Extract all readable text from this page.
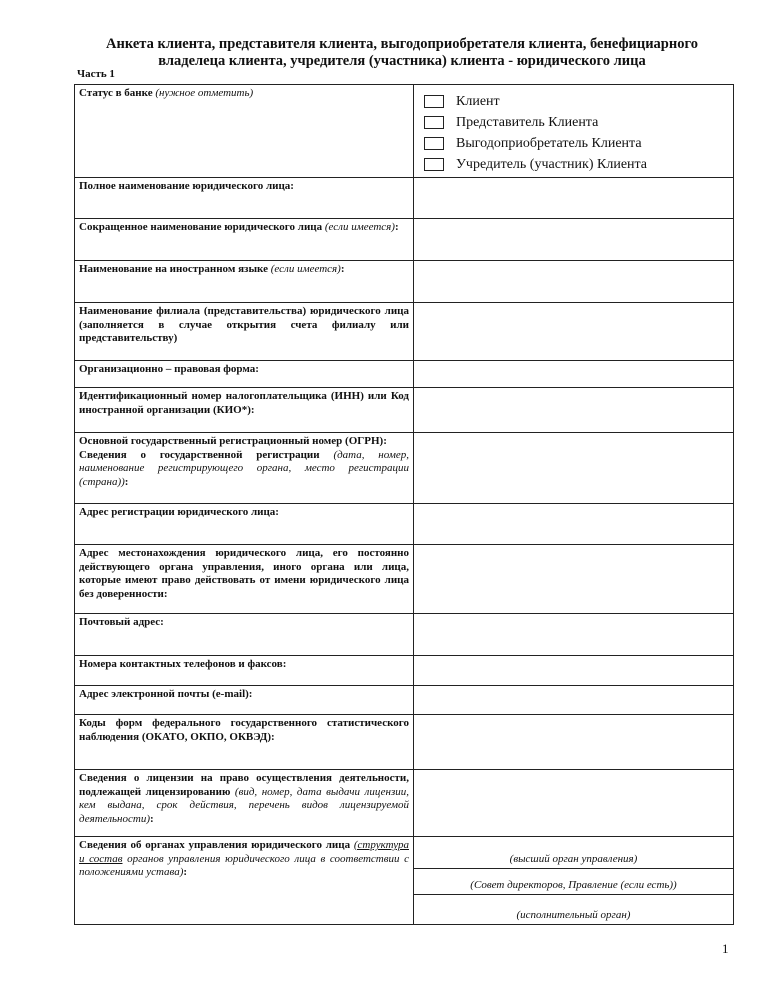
Анкета клиента, представителя клиента, выгодоприобретателя клиента, бенефициарного
владелеца клиента, учредителя (участника) клиента - юридического лица
Часть 1
Статус в банке (нужное отметить)	Клиент
Представитель Клиента
Выгодоприобретатель Клиента
Учредитель (участник) Клиента

Полное наименование юридического лица:	
Сокращенное наименование юридического лица (если имеется):	
Наименование на иностранном языке (если имеется):	
Наименование филиала (представительства) юридического лица (заполняется в случае открытия счета филиалу или представительству)	
Организационно – правовая форма:	
Идентификационный номер налогоплательщика (ИНН) или Код иностранной организации (КИО*):	

Основной государственный регистрационный номер (ОГРН):
Сведения о государственной регистрации (дата, номер, наименование регистрирующего органа, место регистрации (страна)):	

Адрес регистрации юридического лица:	
Адрес местонахождения юридического лица, его постоянно действующего органа управления, иного органа или лица, которые имеют право действовать от имени юридического лица без доверенности:	
Почтовый адрес:	
Номера контактных телефонов и факсов:	
Адрес электронной почты (e-mail):	
Коды форм федерального государственного статистического наблюдения (ОКАТО, ОКПО, ОКВЭД):	
Сведения о лицензии на право осуществления деятельности, подлежащей лицензированию (вид, номер, дата выдачи лицензии, кем выдана, срок действия, перечень видов лицензируемой деятельности):	
Сведения об органах управления юридического лица (структура и состав органов управления юридического лица в соответствии с положениями устава):	(высший орган управления)
	(Совет директоров, Правление (если есть))
	(исполнительный орган)
1
